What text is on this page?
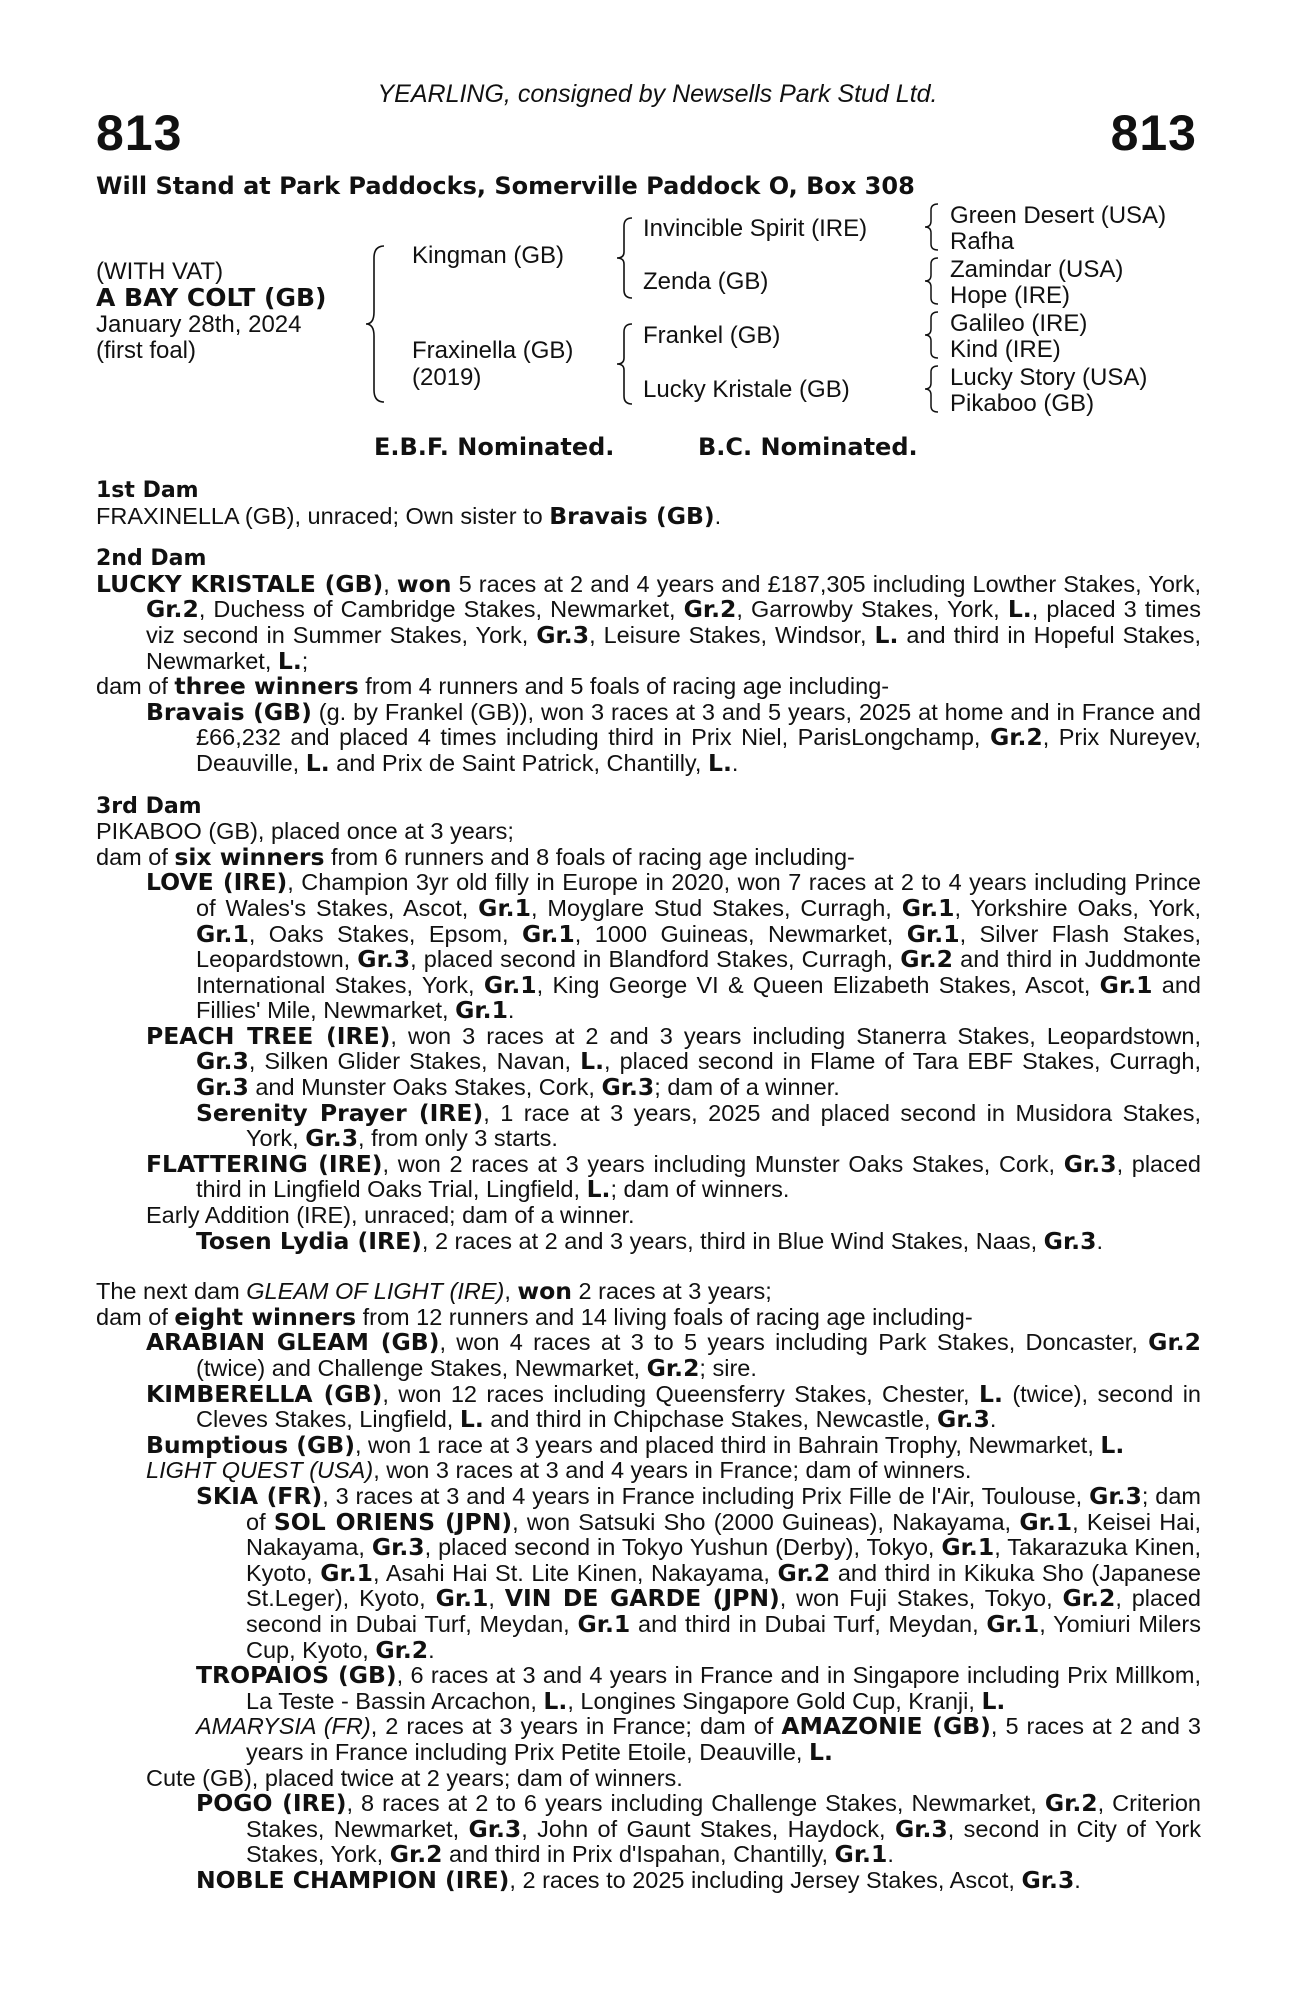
YEARLING, consigned by Newsells Park Stud Ltd.
813	813
Will Stand at Park Paddocks, Somerville Paddock O, Box 308
(WITH VAT)
A BAY COLT (GB)
January 28th, 2024
(first foal)
Kingman (GB)
Fraxinella (GB)
(2019)
Invincible Spirit (IRE)
Zenda (GB)
Frankel (GB)
Lucky Kristale (GB)
Green Desert (USA)
Rafha
Zamindar (USA)
Hope (IRE)
Galileo (IRE)
Kind (IRE)
Lucky Story (USA)
Pikaboo (GB)
E.B.F. Nominated.	B.C. Nominated.
1st Dam

FRAXINELLA (GB), unraced; Own sister to Bravais (GB).

2nd Dam

LUCKY KRISTALE (GB), won 5 races at 2 and 4 years and £187,305 including Lowther Stakes, York, Gr.2, Duchess of Cambridge Stakes, Newmarket, Gr.2, Garrowby Stakes, York, L., placed 3 times viz second in Summer Stakes, York, Gr.3, Leisure Stakes, Windsor, L. and third in Hopeful Stakes, Newmarket, L.;

dam of three winners from 4 runners and 5 foals of racing age including-

Bravais (GB) (g. by Frankel (GB)), won 3 races at 3 and 5 years, 2025 at home and in France and £66,232 and placed 4 times including third in Prix Niel, ParisLongchamp, Gr.2, Prix Nureyev, Deauville, L. and Prix de Saint Patrick, Chantilly, L..

3rd Dam

PIKABOO (GB), placed once at 3 years;

dam of six winners from 6 runners and 8 foals of racing age including-

LOVE (IRE), Champion 3yr old filly in Europe in 2020, won 7 races at 2 to 4 years including Prince of Wales's Stakes, Ascot, Gr.1, Moyglare Stud Stakes, Curragh, Gr.1, Yorkshire Oaks, York, Gr.1, Oaks Stakes, Epsom, Gr.1, 1000 Guineas, Newmarket, Gr.1, Silver Flash Stakes, Leopardstown, Gr.3, placed second in Blandford Stakes, Curragh, Gr.2 and third in Juddmonte International Stakes, York, Gr.1, King George VI & Queen Elizabeth Stakes, Ascot, Gr.1 and Fillies' Mile, Newmarket, Gr.1.

PEACH TREE (IRE), won 3 races at 2 and 3 years including Stanerra Stakes, Leopardstown, Gr.3, Silken Glider Stakes, Navan, L., placed second in Flame of Tara EBF Stakes, Curragh, Gr.3 and Munster Oaks Stakes, Cork, Gr.3; dam of a winner.

Serenity Prayer (IRE), 1 race at 3 years, 2025 and placed second in Musidora Stakes, York, Gr.3, from only 3 starts.

FLATTERING (IRE), won 2 races at 3 years including Munster Oaks Stakes, Cork, Gr.3, placed third in Lingfield Oaks Trial, Lingfield, L.; dam of winners.

Early Addition (IRE), unraced; dam of a winner.

Tosen Lydia (IRE), 2 races at 2 and 3 years, third in Blue Wind Stakes, Naas, Gr.3.

The next dam GLEAM OF LIGHT (IRE), won 2 races at 3 years;

dam of eight winners from 12 runners and 14 living foals of racing age including-

ARABIAN GLEAM (GB), won 4 races at 3 to 5 years including Park Stakes, Doncaster, Gr.2 (twice) and Challenge Stakes, Newmarket, Gr.2; sire.

KIMBERELLA (GB), won 12 races including Queensferry Stakes, Chester, L. (twice), second in Cleves Stakes, Lingfield, L. and third in Chipchase Stakes, Newcastle, Gr.3.

Bumptious (GB), won 1 race at 3 years and placed third in Bahrain Trophy, Newmarket, L.

LIGHT QUEST (USA), won 3 races at 3 and 4 years in France; dam of winners.

SKIA (FR), 3 races at 3 and 4 years in France including Prix Fille de l'Air, Toulouse, Gr.3; dam of SOL ORIENS (JPN), won Satsuki Sho (2000 Guineas), Nakayama, Gr.1, Keisei Hai, Nakayama, Gr.3, placed second in Tokyo Yushun (Derby), Tokyo, Gr.1, Takarazuka Kinen, Kyoto, Gr.1, Asahi Hai St. Lite Kinen, Nakayama, Gr.2 and third in Kikuka Sho (Japanese St.Leger), Kyoto, Gr.1, VIN DE GARDE (JPN), won Fuji Stakes, Tokyo, Gr.2, placed second in Dubai Turf, Meydan, Gr.1 and third in Dubai Turf, Meydan, Gr.1, Yomiuri Milers Cup, Kyoto, Gr.2.

TROPAIOS (GB), 6 races at 3 and 4 years in France and in Singapore including Prix Millkom, La Teste - Bassin Arcachon, L., Longines Singapore Gold Cup, Kranji, L.

AMARYSIA (FR), 2 races at 3 years in France; dam of AMAZONIE (GB), 5 races at 2 and 3 years in France including Prix Petite Etoile, Deauville, L.

Cute (GB), placed twice at 2 years; dam of winners.

POGO (IRE), 8 races at 2 to 6 years including Challenge Stakes, Newmarket, Gr.2, Criterion Stakes, Newmarket, Gr.3, John of Gaunt Stakes, Haydock, Gr.3, second in City of York Stakes, York, Gr.2 and third in Prix d'Ispahan, Chantilly, Gr.1.

NOBLE CHAMPION (IRE), 2 races to 2025 including Jersey Stakes, Ascot, Gr.3.
